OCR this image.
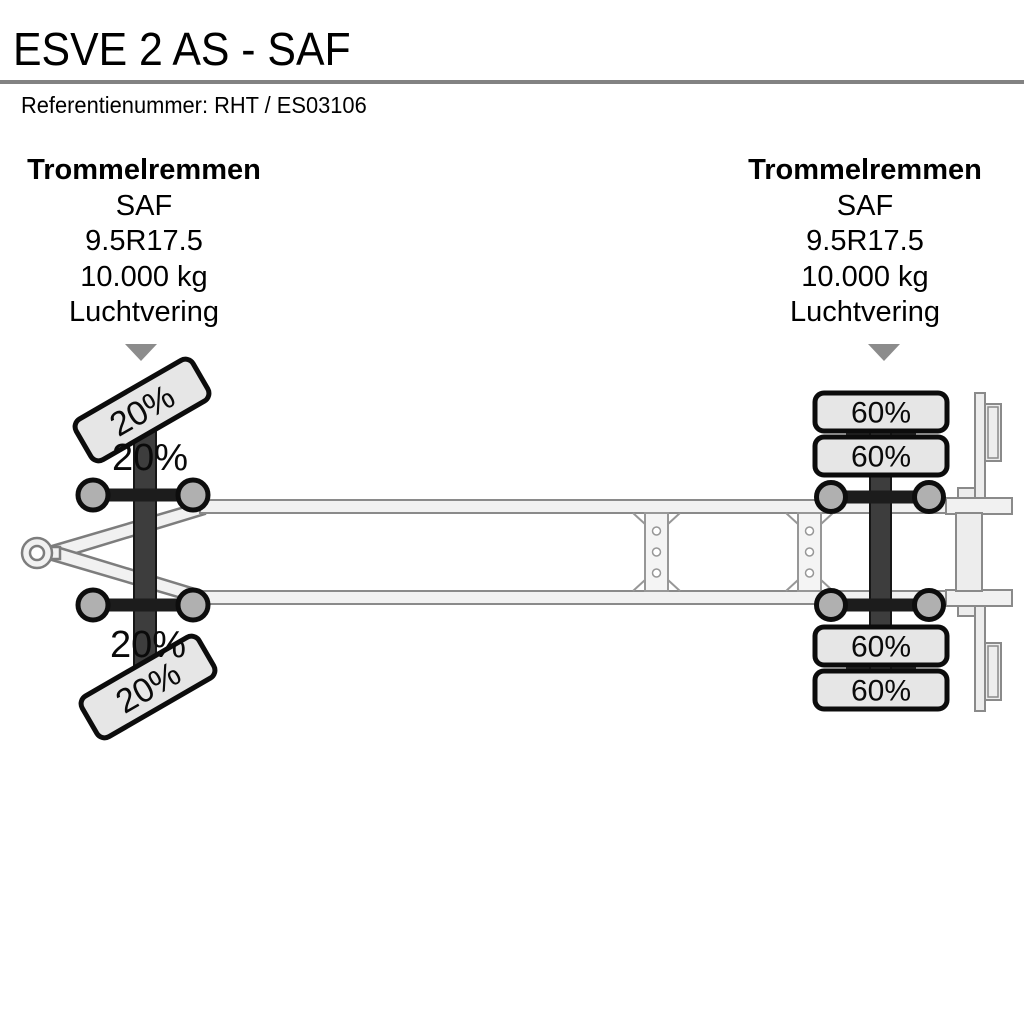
ESVE 2 AS - SAF
Referentienummer: RHT / ES03106
Trommelremmen
SAF
9.5R17.5
10.000 kg
Luchtvering
Trommelremmen
SAF
9.5R17.5
10.000 kg
Luchtvering
20%
20%
20%
20%
60%
60%
60%
60%
